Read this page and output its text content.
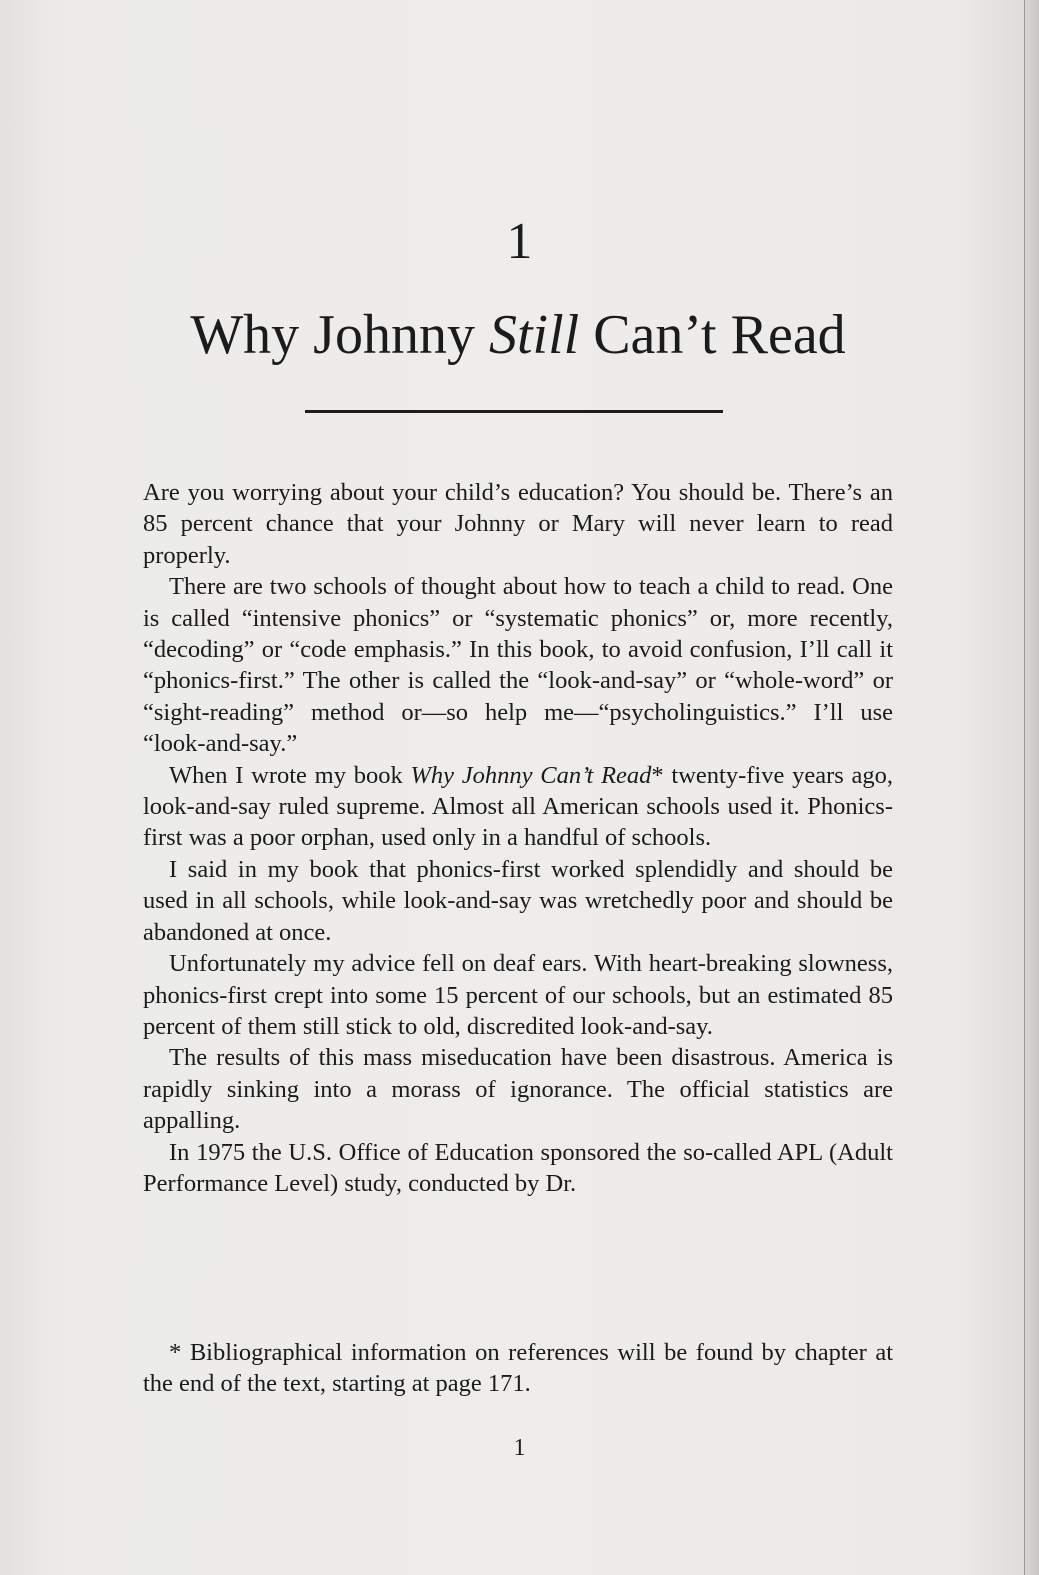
1
Why Johnny Still Can’t Read

Are you worrying about your child’s education? You should be. There’s an 85 percent chance that your Johnny or Mary will never learn to read properly.

There are two schools of thought about how to teach a child to read. One is called “intensive phonics” or “systematic phonics” or, more recently, “decoding” or “code emphasis.” In this book, to avoid confusion, I’ll call it “phonics-first.” The other is called the “look-and-say” or “whole-word” or “sight-reading” method or—so help me—“psycholinguistics.” I’ll use “look-and-say.”

When I wrote my book Why Johnny Can’t Read* twenty-five years ago, look-and-say ruled supreme. Almost all American schools used it. Phonics-first was a poor orphan, used only in a handful of schools.

I said in my book that phonics-first worked splendidly and should be used in all schools, while look-and-say was wretchedly poor and should be abandoned at once.

Unfortunately my advice fell on deaf ears. With heart-breaking slowness, phonics-first crept into some 15 percent of our schools, but an estimated 85 percent of them still stick to old, discredited look-and-say.

The results of this mass miseducation have been disastrous. America is rapidly sinking into a morass of ignorance. The official statistics are appalling.

In 1975 the U.S. Office of Education sponsored the so-called APL (Adult Performance Level) study, conducted by Dr.

* Bibliographical information on references will be found by chapter at the end of the text, starting at page 171.
1
